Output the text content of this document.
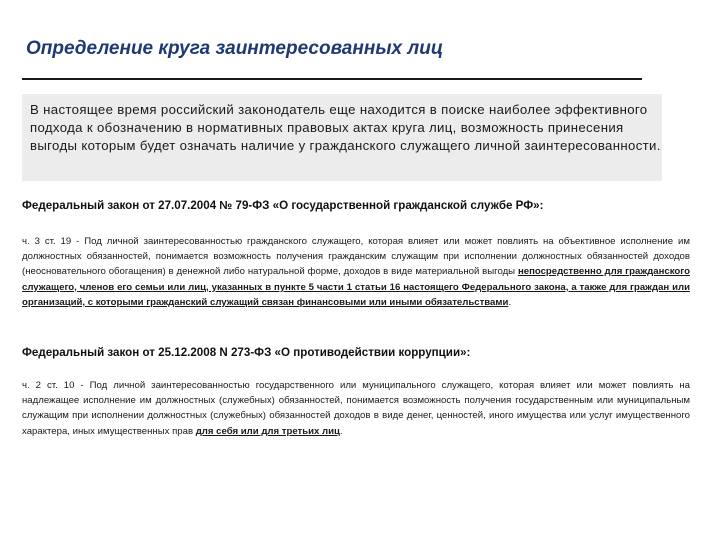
Определение круга заинтересованных лиц
В настоящее время российский законодатель еще находится в поиске наиболее эффективного подхода к обозначению в нормативных правовых актах круга лиц, возможность принесения выгоды которым будет означать наличие у гражданского служащего личной заинтересованности.
Федеральный закон от 27.07.2004 № 79-ФЗ «О государственной гражданской службе РФ»:
ч. 3 ст. 19 - Под личной заинтересованностью гражданского служащего, которая влияет или может повлиять на объективное исполнение им должностных обязанностей, понимается возможность получения гражданским служащим при исполнении должностных обязанностей доходов (неосновательного обогащения) в денежной либо натуральной форме, доходов в виде материальной выгоды непосредственно для гражданского служащего, членов его семьи или лиц, указанных в пункте 5 части 1 статьи 16 настоящего Федерального закона, а также для граждан или организаций, с которыми гражданский служащий связан финансовыми или иными обязательствами.
Федеральный закон от 25.12.2008 N 273-ФЗ «О противодействии коррупции»:
ч. 2 ст. 10 - Под личной заинтересованностью государственного или муниципального служащего, которая влияет или может повлиять на надлежащее исполнение им должностных (служебных) обязанностей, понимается возможность получения государственным или муниципальным служащим при исполнении должностных (служебных) обязанностей доходов в виде денег, ценностей, иного имущества или услуг имущественного характера, иных имущественных прав для себя или для третьих лиц.
